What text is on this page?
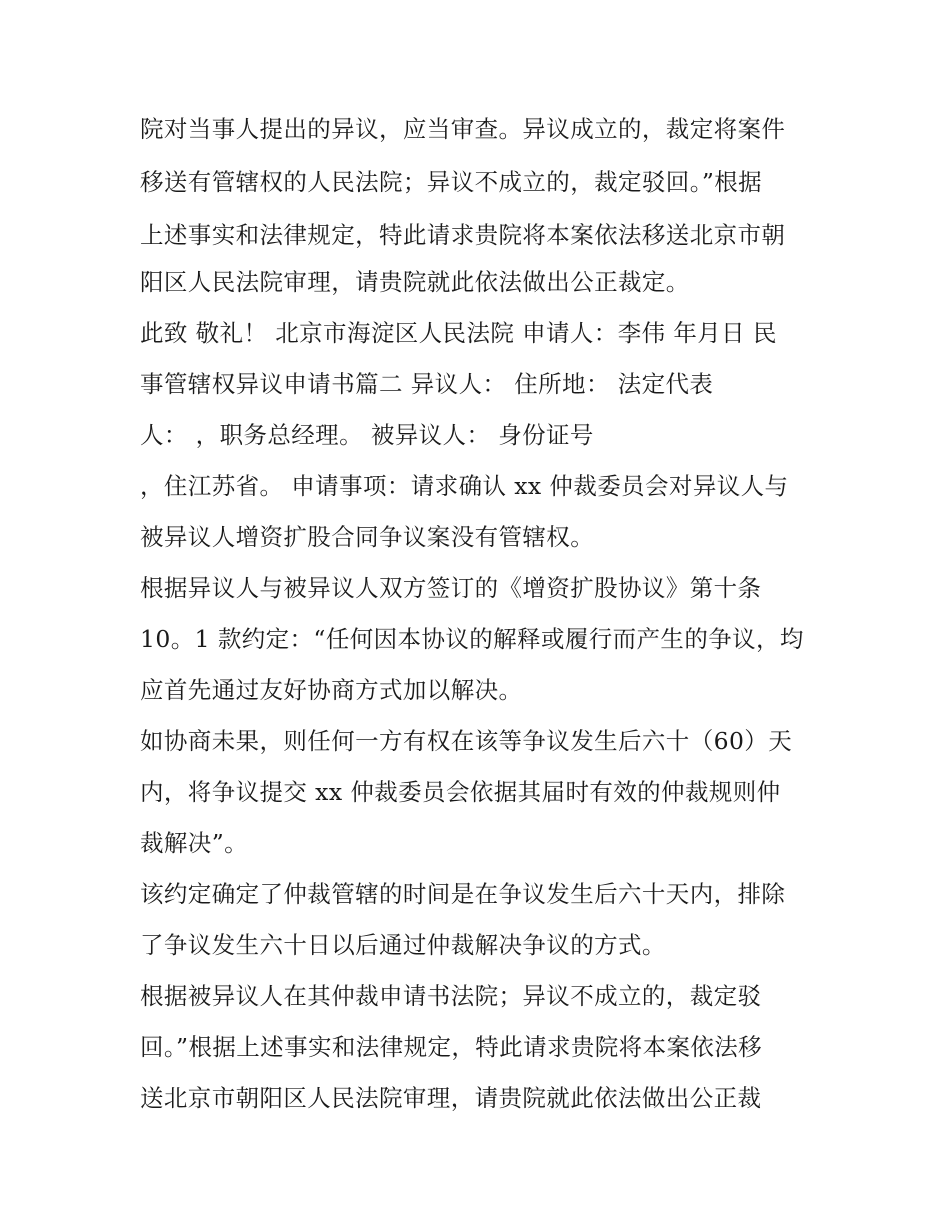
院对当事人提出的异议，应当审查。异议成立的，裁定将案件
移送有管辖权的人民法院；异议不成立的，裁定驳回。”根据
上述事实和法律规定，特此请求贵院将本案依法移送北京市朝
阳区人民法院审理，请贵院就此依法做出公正裁定。
此致 敬礼！ 北京市海淀区人民法院 申请人：李伟 年月日 民
事管辖权异议申请书篇二 异议人： 住所地： 法定代表
人： ，职务总经理。 被异议人： 身份证号
，住江苏省。 申请事项：请求确认 xx 仲裁委员会对异议人与
被异议人增资扩股合同争议案没有管辖权。
根据异议人与被异议人双方签订的《增资扩股协议》第十条
10。1 款约定：“任何因本协议的解释或履行而产生的争议，均
应首先通过友好协商方式加以解决。
如协商未果，则任何一方有权在该等争议发生后六十（60）天
内，将争议提交 xx 仲裁委员会依据其届时有效的仲裁规则仲
裁解决”。
该约定确定了仲裁管辖的时间是在争议发生后六十天内，排除
了争议发生六十日以后通过仲裁解决争议的方式。
根据被异议人在其仲裁申请书法院；异议不成立的，裁定驳
回。”根据上述事实和法律规定，特此请求贵院将本案依法移
送北京市朝阳区人民法院审理，请贵院就此依法做出公正裁
